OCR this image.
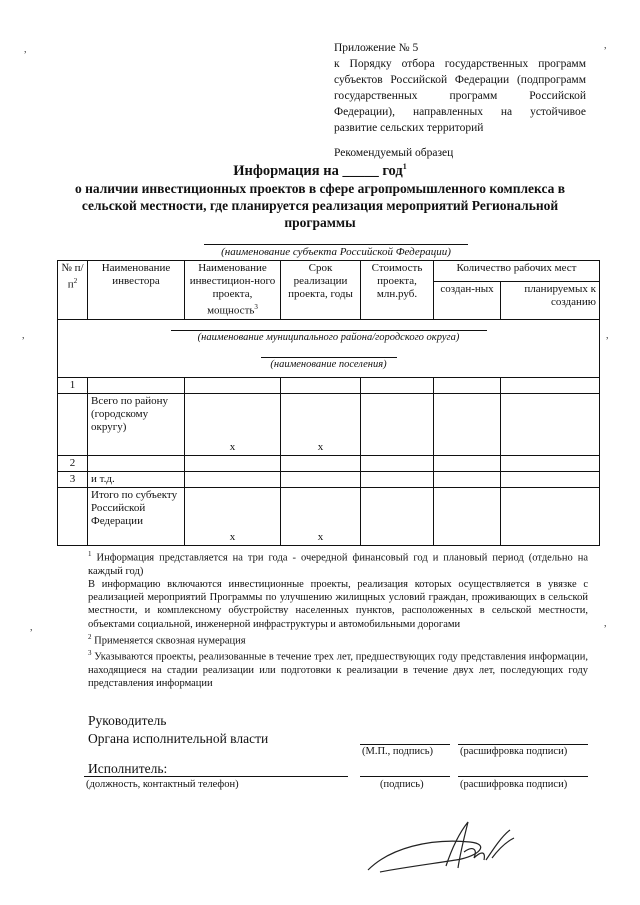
,	,
,	,
,	,

Приложение № 5

к Порядку отбора государственных программ субъектов Российской Федерации (подпрограмм государственных программ Российской Федерации), направленных на устойчивое развитие сельских территорий

Рекомендуемый образец

Информация на _____ год$^1$
о наличии инвестиционных проектов в сфере агропромышленного комплекса в сельской местности, где планируется реализация мероприятий Региональной программы
(наименование субъекта Российской Федерации)
№ $п/п^2$	Наименование инвестора	Наименование инвестицион-ного проекта, мощность$^3$	Срок реализации проекта, годы	Стоимость проекта, млн.руб.	Количество рабочих мест	
					создан-ных	планируемых к созданию

(наименование муниципального района/городского округа)
(наименование поселения)						

1						
	Всего по району (городскому округу)	x	x			
2						
3	и т.д.					
	Итого по субъекту Российской Федерации	x	x			

$^1$ Информация представляется на три года - очередной финансовый год и плановый период (отдельно на каждый год)

В информацию включаются инвестиционные проекты, реализация которых осуществляется в увязке с реализацией мероприятий Программы по улучшению жилищных условий граждан, проживающих в сельской местности, и комплексному обустройству населенных пунктов, расположенных в сельской местности, объектами социальной, инженерной инфраструктуры и автомобильными дорогами

$^2$ Применяется сквозная нумерация

$^3$ Указываются проекты, реализованные в течение трех лет, предшествующих году представления информации, находящиеся на стадии реализации или подготовки к реализации в течение двух лет, последующих году представления информации

Руководитель
Органа исполнительной власти
(М.П., подпись)	(расшифровка подписи)
Исполнитель:
(должность, контактный телефон)	(подпись)	(расшифровка подписи)
